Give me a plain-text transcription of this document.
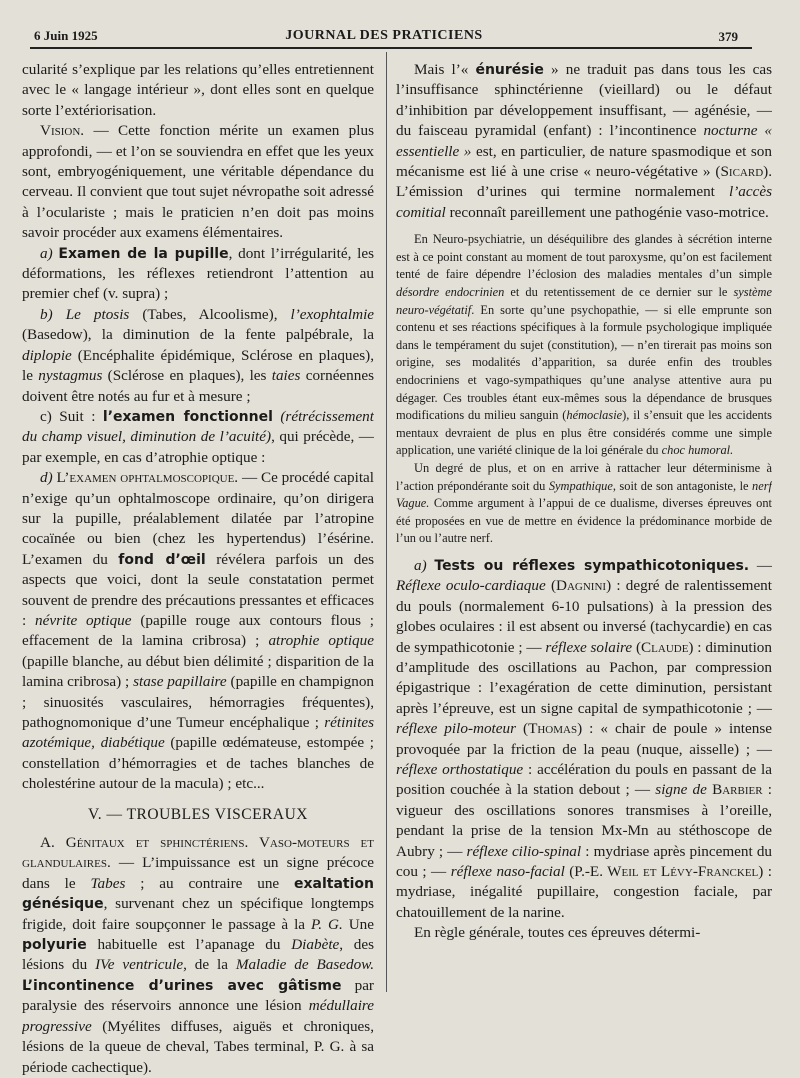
6 Juin 1925	JOURNAL DES PRATICIENS	379

cularité s’explique par les relations qu’elles entretiennent avec le « langage intérieur », dont elles sont en quelque sorte l’extériorisation.

Vision. — Cette fonction mérite un examen plus approfondi, — et l’on se souviendra en effet que les yeux sont, embryogéniquement, une véritable dépendance du cerveau. Il convient que tout sujet névropathe soit adressé à l’oculariste ; mais le praticien n’en doit pas moins savoir procéder aux examens élémentaires.

a) Examen de la pupille, dont l’irrégularité, les déformations, les réflexes retiendront l’attention au premier chef (v. supra) ;

b) Le ptosis (Tabes, Alcoolisme), l’exophtalmie (Basedow), la diminution de la fente palpébrale, la diplopie (Encéphalite épidémique, Sclérose en plaques), le nystagmus (Sclérose en plaques), les taies cornéennes doivent être notés au fur et à mesure ;

c) Suit : l’examen fonctionnel (rétrécissement du champ visuel, diminution de l’acuité), qui précède, — par exemple, en cas d’atrophie optique :

d) L’examen ophtalmoscopique. — Ce procédé capital n’exige qu’un ophtalmoscope ordinaire, qu’on dirigera sur la pupille, préalablement dilatée par l’atropine cocaïnée ou bien (chez les hypertendus) l’ésérine. L’examen du fond d’œil révélera parfois un des aspects que voici, dont la seule constatation permet souvent de prendre des précautions pressantes et efficaces : névrite optique (papille rouge aux contours flous ; effacement de la lamina cribrosa) ; atrophie optique (papille blanche, au début bien délimité ; disparition de la lamina cribrosa) ; stase papillaire (papille en champignon ; sinuosités vasculaires, hémorragies fréquentes), pathognomonique d’une Tumeur encéphalique ; rétinites azotémique, diabétique (papille œdémateuse, estompée ; constellation d’hémorragies et de taches blanches de cholestérine autour de la macula) ; etc...

V. — TROUBLES VISCERAUX

A. Génitaux et sphinctériens. Vaso-moteurs et glandulaires. — L’impuissance est un signe précoce dans le Tabes ; au contraire une exaltation génésique, survenant chez un spécifique longtemps frigide, doit faire soupçonner le passage à la P. G. Une polyurie habituelle est l’apanage du Diabète, des lésions du IVe ventricule, de la Maladie de Basedow. L’incontinence d’urines avec gâtisme par paralysie des réservoirs annonce une lésion médullaire progressive (Myélites diffuses, aiguës et chroniques, lésions de la queue de cheval, Tabes terminal, P. G. à sa période cachectique).

Mais l’« énurésie » ne traduit pas dans tous les cas l’insuffisance sphinctérienne (vieillard) ou le défaut d’inhibition par développement insuffisant, — agénésie, — du faisceau pyramidal (enfant) : l’incontinence nocturne « essentielle » est, en particulier, de nature spasmodique et son mécanisme est lié à une crise « neuro-végétative » (Sicard). L’émission d’urines qui termine normalement l’accès comitial reconnaît pareillement une pathogénie vaso-motrice.

En Neuro-psychiatrie, un déséquilibre des glandes à sécrétion interne est à ce point constant au moment de tout paroxysme, qu’on est facilement tenté de faire dépendre l’éclosion des maladies mentales d’un simple désordre endocrinien et du retentissement de ce dernier sur le système neuro-végétatif. En sorte qu’une psychopathie, — si elle emprunte son contenu et ses réactions spécifiques à la formule psychologique impliquée dans le tempérament du sujet (constitution), — n’en tirerait pas moins son origine, ses modalités d’apparition, sa durée enfin des troubles endocriniens et vago-sympathiques qu’une analyse attentive aura pu dégager. Ces troubles étant eux-mêmes sous la dépendance de brusques modifications du milieu sanguin (hémoclasie), il s’ensuit que les accidents mentaux devraient de plus en plus être considérés comme une simple application, une variété clinique de la loi générale du choc humoral.

Un degré de plus, et on en arrive à rattacher leur déterminisme à l’action prépondérante soit du Sympathique, soit de son antagoniste, le nerf Vague. Comme argument à l’appui de ce dualisme, diverses épreuves ont été proposées en vue de mettre en évidence la prédominance morbide de l’un ou l’autre nerf.

a) Tests ou réflexes sympathicotoniques. — Réflexe oculo-cardiaque (Dagnini) : degré de ralentissement du pouls (normalement 6-10 pulsations) à la pression des globes oculaires : il est absent ou inversé (tachycardie) en cas de sympathicotonie ; — réflexe solaire (Claude) : diminution d’amplitude des oscillations au Pachon, par compression épigastrique : l’exagération de cette diminution, persistant après l’épreuve, est un signe capital de sympathicotonie ; — réflexe pilo-moteur (Thomas) : « chair de poule » intense provoquée par la friction de la peau (nuque, aisselle) ; — réflexe orthostatique : accélération du pouls en passant de la position couchée à la station debout ; — signe de Barbier : vigueur des oscillations sonores transmises à l’oreille, pendant la prise de la tension Mx-Mn au stéthoscope de Aubry ; — réflexe cilio-spinal : mydriase après pincement du cou ; — réflexe naso-facial (P.-E. Weil et Lévy-Franckel) : mydriase, inégalité pupillaire, congestion faciale, par chatouillement de la narine.

En règle générale, toutes ces épreuves détermi-
